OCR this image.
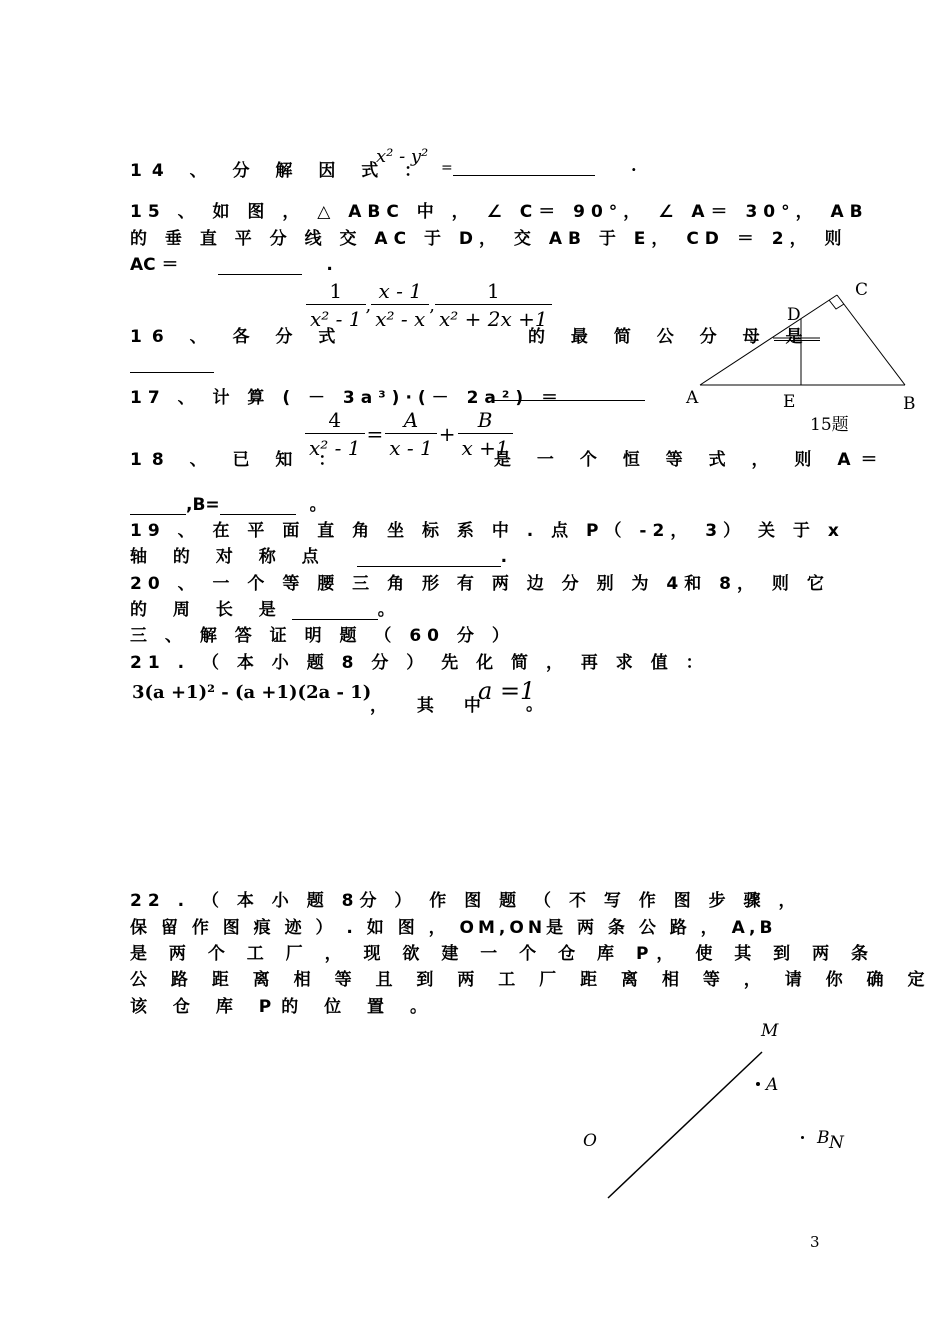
14 、 分 解 因 式 ：
x² - y²
=	.
15 、 如 图 ， △ ABC 中 ， ∠ C＝ 90°， ∠ A＝ 30°， AB
的 垂 直 平 分 线 交 AC 于 D， 交 AB 于 E， CD ＝ 2， 则
AC ＝	.
A	B
C
D
E
15题
16 、 各 分 式
$\frac{1}{\text{x² - 1}}$ , $\frac{x - 1}{\text{x² - x}}$ , $\frac{1}{\text{x² + 2x +1}}$
的 最 简 公 分 母 是
17 、 计 算 ( － 3a³)·(－ 2a²) ＝
18 、 已 知 ：
$\frac{4}{\text{x² - 1}} = \frac{A}{x - 1} + \frac{B}{x +1}$
是 一 个 恒 等 式 ， 则 A＝
,B=	。
19 、 在 平 面 直 角 坐 标 系 中 . 点 P（ -2， 3） 关 于 x
轴 的 对 称 点	.
20 、 一 个 等 腰 三 角 形 有 两 边 分 别 为 4和 8， 则 它
的 周 长 是	。
三 、 解 答 证 明 题 （ 60 分 ）
21 . （ 本 小 题 8 分 ） 先 化 简 ， 再 求 值 ：
3(a +1)² - (a +1)(2a - 1)
， 其 中
a =1
。
22 . （ 本 小 题 8分 ） 作 图 题 （ 不 写 作 图 步 骤 ，
保 留 作 图 痕 迹 ） . 如 图 ， OM,ON是 两 条 公 路 ， A,B
是 两 个 工 厂 ， 现 欲 建 一 个 仓 库 P， 使 其 到 两 条
公 路 距 离 相 等 且 到 两 工 厂 距 离 相 等 ， 请 你 确 定
该 仓 库 P的 位 置 。
M
A
O	B N
3
